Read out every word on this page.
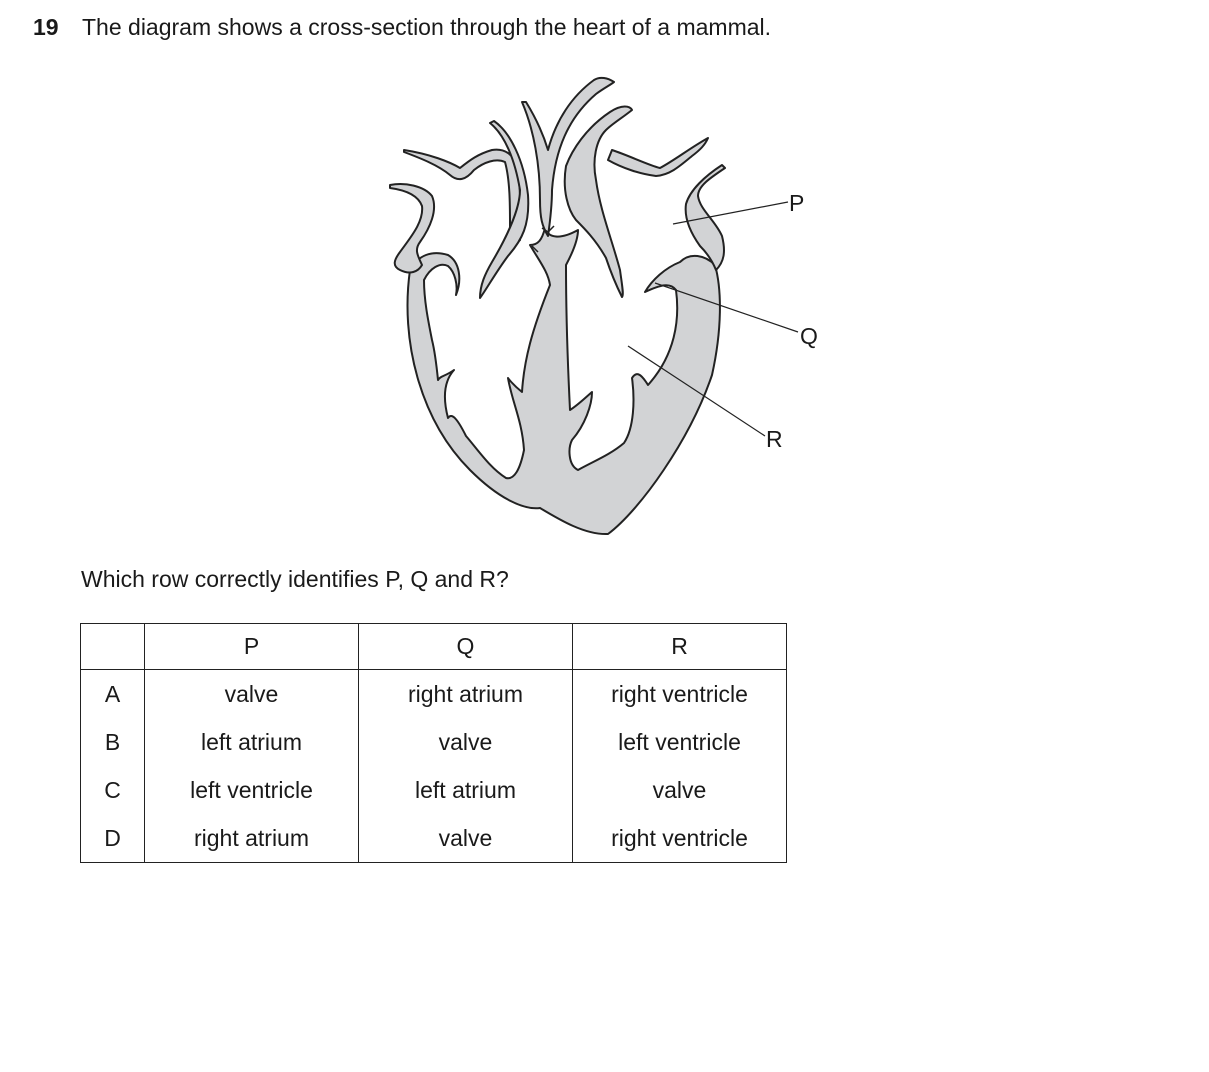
19 The diagram shows a cross-section through the heart of a mammal.
P
Q
R
Which row correctly identifies P, Q and R?
	P	Q	R
A	valve	right atrium	right ventricle
B	left atrium	valve	left ventricle
C	left ventricle	left atrium	valve
D	right atrium	valve	right ventricle
